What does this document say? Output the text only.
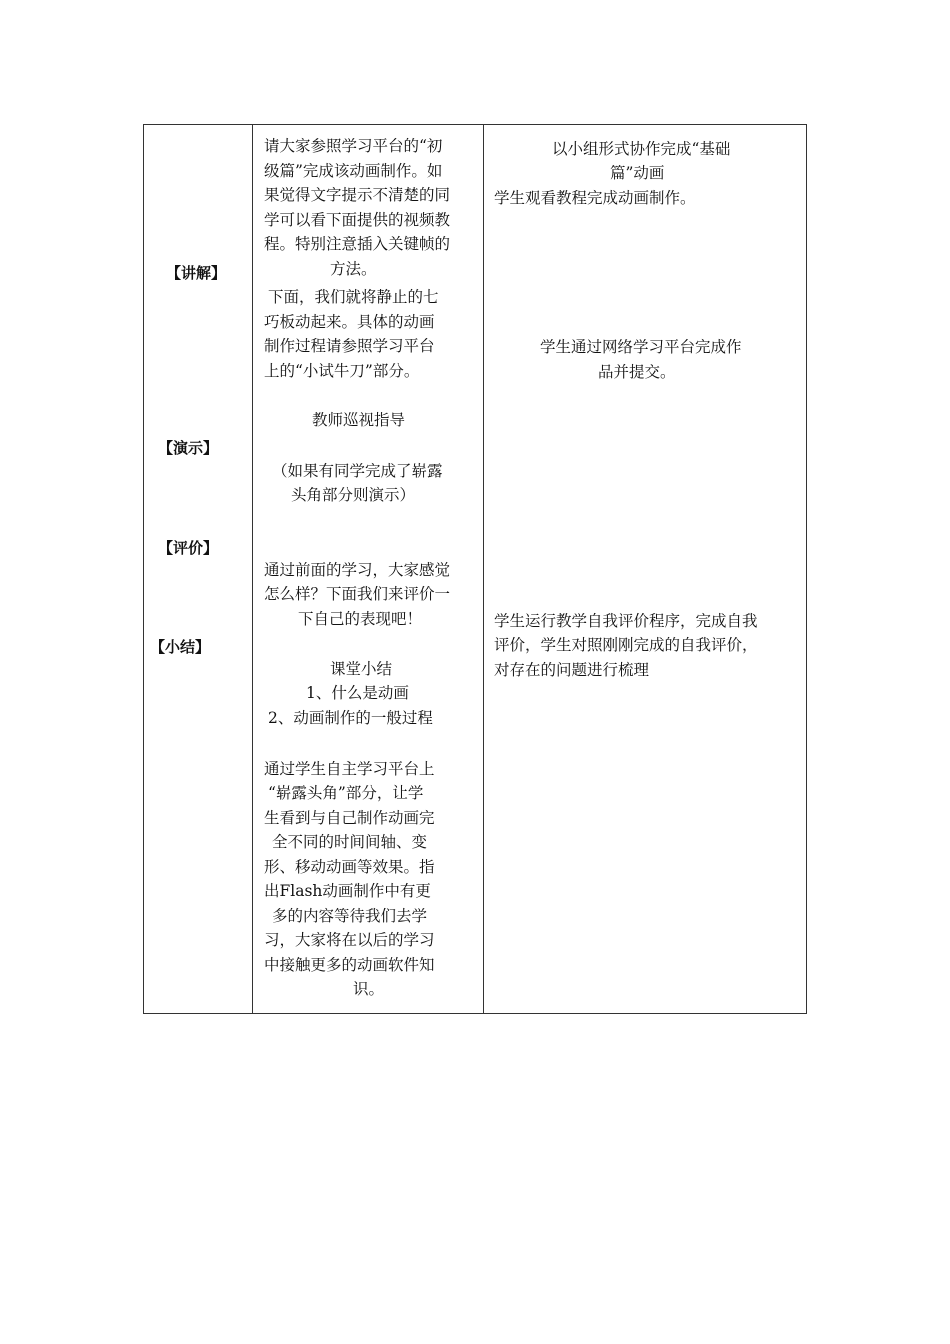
【讲解】
【演示】
【评价】
【小结】
请大家参照学习平台的“初
级篇”完成该动画制作。如
果觉得文字提示不清楚的同
学可以看下面提供的视频教
程。特别注意插入关键帧的
方法。
下面，我们就将静止的七
巧板动起来。具体的动画
制作过程请参照学习平台
上的“小试牛刀”部分。
教师巡视指导
（如果有同学完成了崭露
头角部分则演示）
通过前面的学习，大家感觉
怎么样？下面我们来评价一
下自己的表现吧！
课堂小结
1、什么是动画
2、动画制作的一般过程
通过学生自主学习平台上
“崭露头角”部分，让学
生看到与自己制作动画完
全不同的时间间轴、变
形、移动动画等效果。指
出Flash动画制作中有更
多的内容等待我们去学
习，大家将在以后的学习
中接触更多的动画软件知
识。
以小组形式协作完成“基础
篇”动画
学生观看教程完成动画制作。
学生通过网络学习平台完成作
品并提交。
学生运行教学自我评价程序，完成自我
评价，学生对照刚刚完成的自我评价，
对存在的问题进行梳理
